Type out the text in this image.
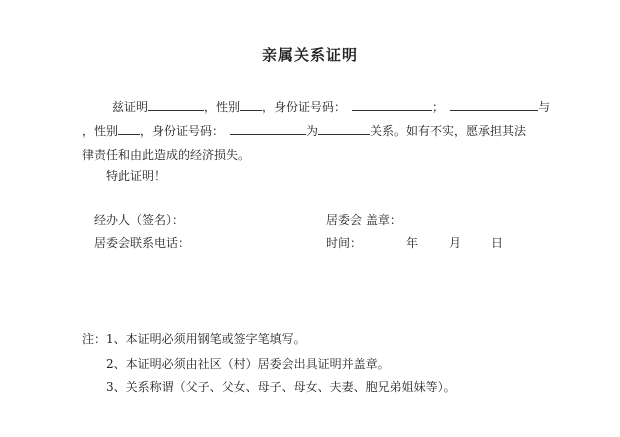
亲属关系证明
兹证明	，性别 ，身份证号码：	；	与
，性别 ，身份证号码：	为	关系。如有不实，愿承担其法
律责任和由此造成的经济损失。
特此证明！
经办人（签名）：	居委会 盖章：
居委会联系电话：	时间：	年	月 日
注：1、本证明必须用钢笔或签字笔填写。
2、本证明必须由社区（村）居委会出具证明并盖章。
3、关系称谓（父子、父女、母子、母女、夫妻、胞兄弟姐妹等）。
